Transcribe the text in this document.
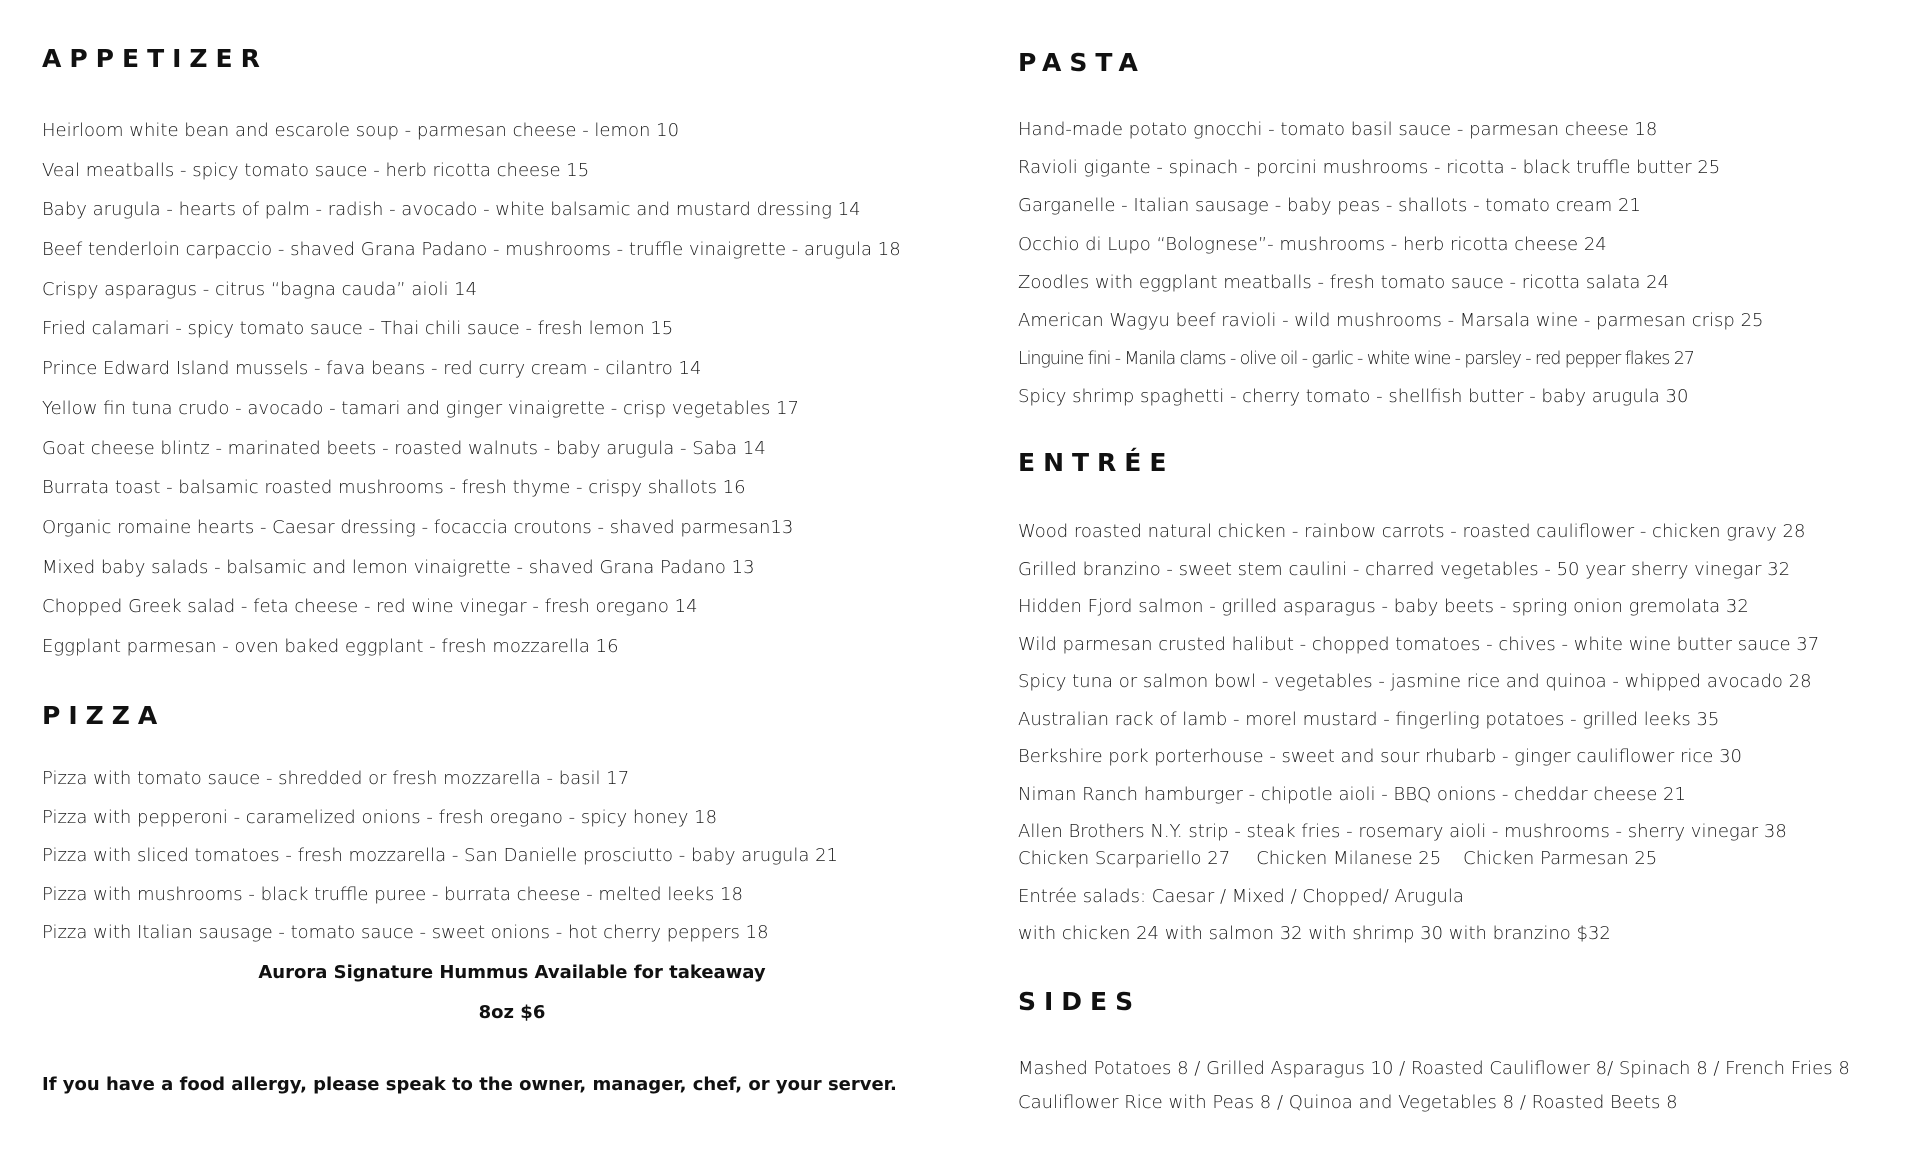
APPETIZER
Heirloom white bean and escarole soup - parmesan cheese - lemon 10
Veal meatballs - spicy tomato sauce - herb ricotta cheese 15
Baby arugula - hearts of palm - radish - avocado - white balsamic and mustard dressing 14
Beef tenderloin carpaccio - shaved Grana Padano - mushrooms - truffle vinaigrette - arugula 18
Crispy asparagus - citrus “bagna cauda” aioli 14
Fried calamari - spicy tomato sauce - Thai chili sauce - fresh lemon 15
Prince Edward Island mussels - fava beans - red curry cream - cilantro 14
Yellow fin tuna crudo - avocado - tamari and ginger vinaigrette - crisp vegetables 17
Goat cheese blintz - marinated beets - roasted walnuts - baby arugula - Saba 14
Burrata toast - balsamic roasted mushrooms - fresh thyme - crispy shallots 16
Organic romaine hearts - Caesar dressing - focaccia croutons - shaved parmesan13
Mixed baby salads - balsamic and lemon vinaigrette - shaved Grana Padano 13
Chopped Greek salad - feta cheese - red wine vinegar - fresh oregano 14
Eggplant parmesan - oven baked eggplant - fresh mozzarella 16
PIZZA
Pizza with tomato sauce - shredded or fresh mozzarella - basil 17
Pizza with pepperoni - caramelized onions - fresh oregano - spicy honey 18
Pizza with sliced tomatoes - fresh mozzarella - San Danielle prosciutto - baby arugula 21
Pizza with mushrooms - black truffle puree - burrata cheese - melted leeks 18
Pizza with Italian sausage - tomato sauce - sweet onions - hot cherry peppers 18
Aurora Signature Hummus Available for takeaway
8oz $6
If you have a food allergy, please speak to the owner, manager, chef, or your server.
PASTA
Hand-made potato gnocchi - tomato basil sauce - parmesan cheese 18
Ravioli gigante - spinach - porcini mushrooms - ricotta - black truffle butter 25
Garganelle - Italian sausage - baby peas - shallots - tomato cream 21
Occhio di Lupo “Bolognese”- mushrooms - herb ricotta cheese 24
Zoodles with eggplant meatballs - fresh tomato sauce - ricotta salata 24
American Wagyu beef ravioli - wild mushrooms - Marsala wine - parmesan crisp 25
Linguine fini - Manila clams - olive oil - garlic - white wine - parsley - red pepper flakes 27
Spicy shrimp spaghetti - cherry tomato - shellfish butter - baby arugula 30
ENTRÉE
Wood roasted natural chicken - rainbow carrots - roasted cauliflower - chicken gravy 28
Grilled branzino - sweet stem caulini - charred vegetables - 50 year sherry vinegar 32
Hidden Fjord salmon - grilled asparagus - baby beets - spring onion gremolata 32
Wild parmesan crusted halibut - chopped tomatoes - chives - white wine butter sauce 37
Spicy tuna or salmon bowl - vegetables - jasmine rice and quinoa - whipped avocado 28
Australian rack of lamb - morel mustard - fingerling potatoes - grilled leeks 35
Berkshire pork porterhouse - sweet and sour rhubarb - ginger cauliflower rice 30
Niman Ranch hamburger - chipotle aioli - BBQ onions - cheddar cheese 21
Allen Brothers N.Y. strip - steak fries - rosemary aioli - mushrooms - sherry vinegar 38
Chicken Scarpariello 27 Chicken Milanese 25 Chicken Parmesan 25
Entrée salads: Caesar / Mixed / Chopped/ Arugula
with chicken 24 with salmon 32 with shrimp 30 with branzino $32
SIDES
Mashed Potatoes 8 / Grilled Asparagus 10 / Roasted Cauliflower 8/ Spinach 8 / French Fries 8
Cauliflower Rice with Peas 8 / Quinoa and Vegetables 8 / Roasted Beets 8
